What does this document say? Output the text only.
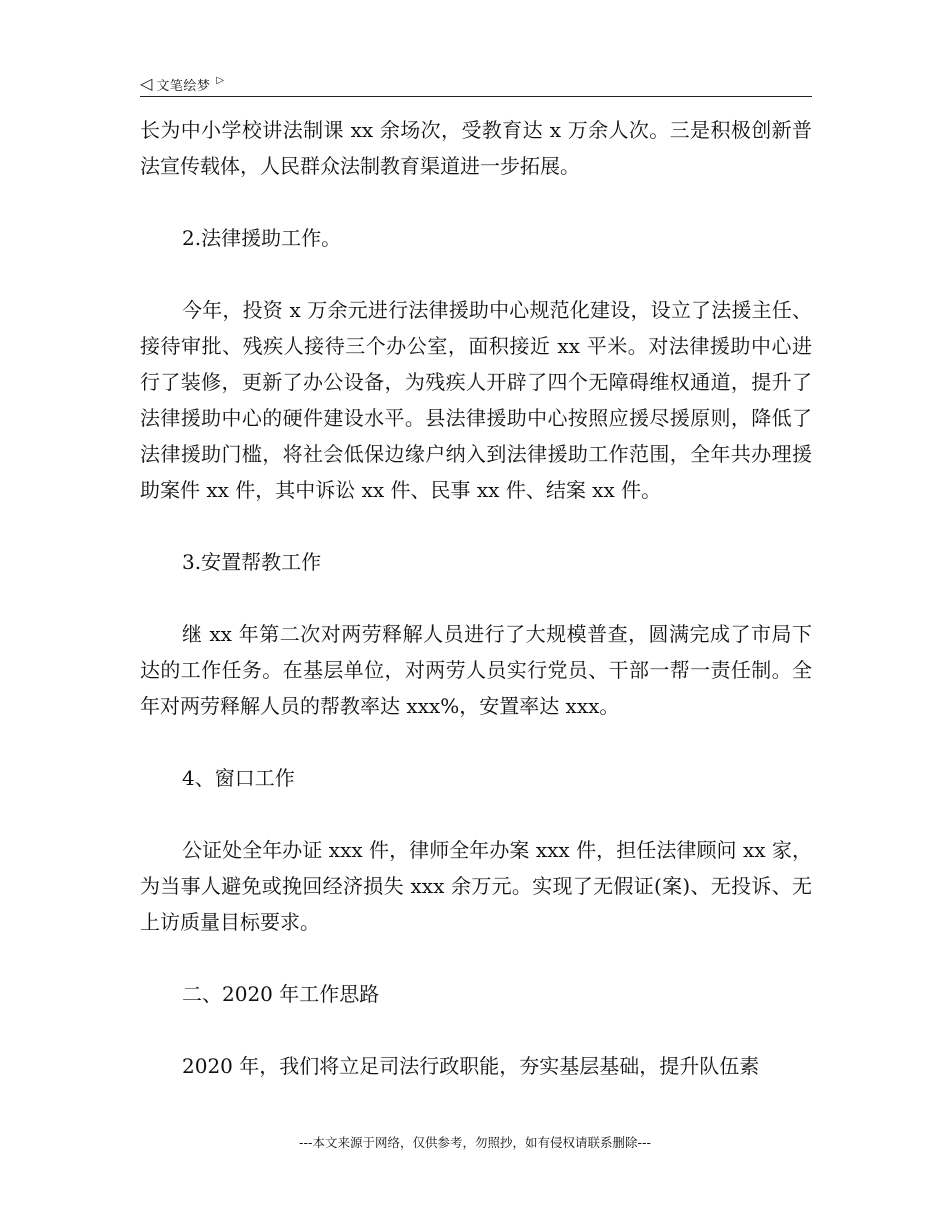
◁ 文笔绘梦 ▷

长为中小学校讲法制课 xx 余场次，受教育达 x 万余人次。三是积极创新普法宣传载体，人民群众法制教育渠道进一步拓展。

2.法律援助工作。

今年，投资 x 万余元进行法律援助中心规范化建设，设立了法援主任、接待审批、残疾人接待三个办公室，面积接近 xx 平米。对法律援助中心进行了装修，更新了办公设备，为残疾人开辟了四个无障碍维权通道，提升了法律援助中心的硬件建设水平。县法律援助中心按照应援尽援原则，降低了法律援助门槛，将社会低保边缘户纳入到法律援助工作范围，全年共办理援助案件 xx 件，其中诉讼 xx 件、民事 xx 件、结案 xx 件。

3.安置帮教工作

继 xx 年第二次对两劳释解人员进行了大规模普查，圆满完成了市局下达的工作任务。在基层单位，对两劳人员实行党员、干部一帮一责任制。全年对两劳释解人员的帮教率达 xxx%，安置率达 xxx。

4、窗口工作

公证处全年办证 xxx 件，律师全年办案 xxx 件，担任法律顾问 xx 家，为当事人避免或挽回经济损失 xxx 余万元。实现了无假证(案)、无投诉、无上访质量目标要求。

二、2020 年工作思路

2020 年，我们将立足司法行政职能，夯实基层基础，提升队伍素

---本文来源于网络，仅供参考，勿照抄，如有侵权请联系删除---
